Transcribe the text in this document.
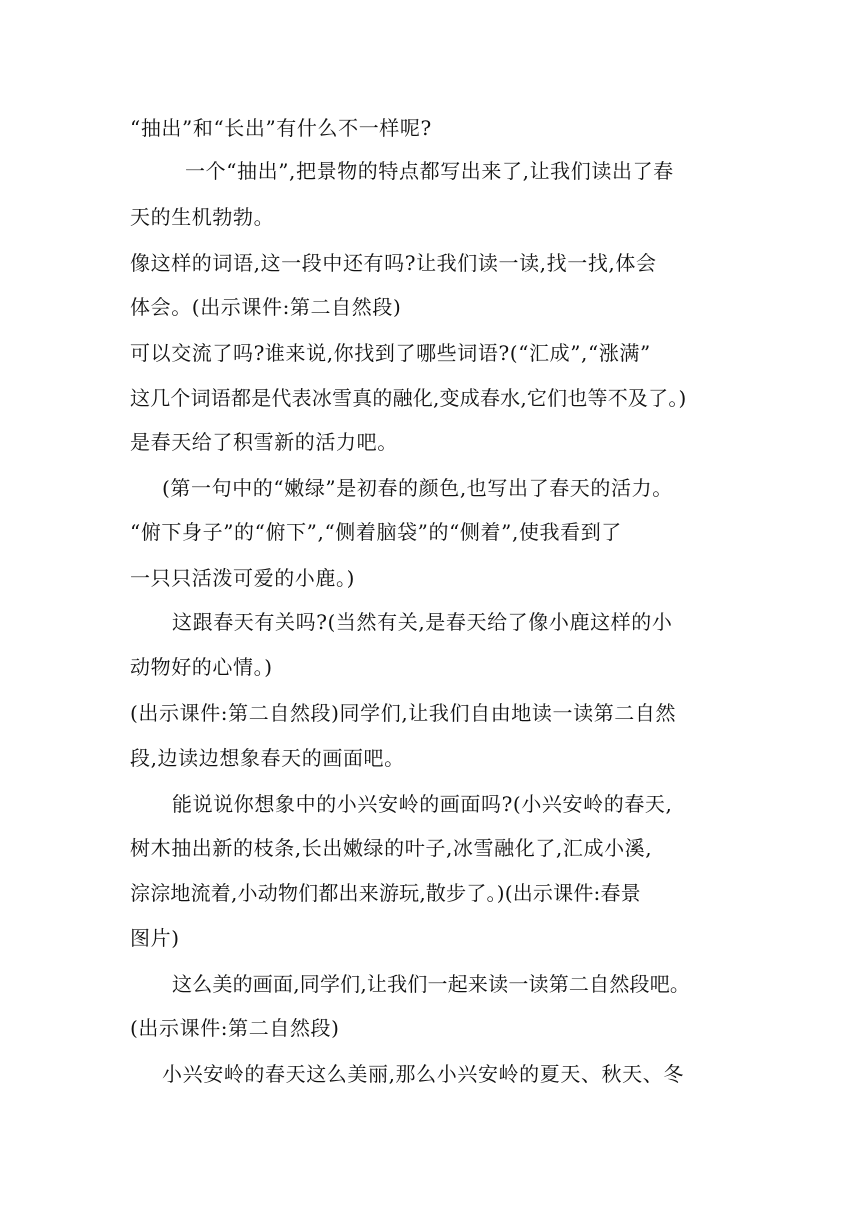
“抽出”和“长出”有什么不一样呢?
一个“抽出”,把景物的特点都写出来了,让我们读出了春
天的生机勃勃。
像这样的词语,这一段中还有吗?让我们读一读,找一找,体会
体会。(出示课件:第二自然段)
可以交流了吗?谁来说,你找到了哪些词语?(“汇成”,“涨满”
这几个词语都是代表冰雪真的融化,变成春水,它们也等不及了。)
是春天给了积雪新的活力吧。
(第一句中的“嫩绿”是初春的颜色,也写出了春天的活力。
“俯下身子”的“俯下”,“侧着脑袋”的“侧着”,使我看到了
一只只活泼可爱的小鹿。)
这跟春天有关吗?(当然有关,是春天给了像小鹿这样的小
动物好的心情。)
(出示课件:第二自然段)同学们,让我们自由地读一读第二自然
段,边读边想象春天的画面吧。
能说说你想象中的小兴安岭的画面吗?(小兴安岭的春天,
树木抽出新的枝条,长出嫩绿的叶子,冰雪融化了,汇成小溪,
淙淙地流着,小动物们都出来游玩,散步了。)(出示课件:春景
图片)
这么美的画面,同学们,让我们一起来读一读第二自然段吧。
(出示课件:第二自然段)
小兴安岭的春天这么美丽,那么小兴安岭的夏天、秋天、冬
